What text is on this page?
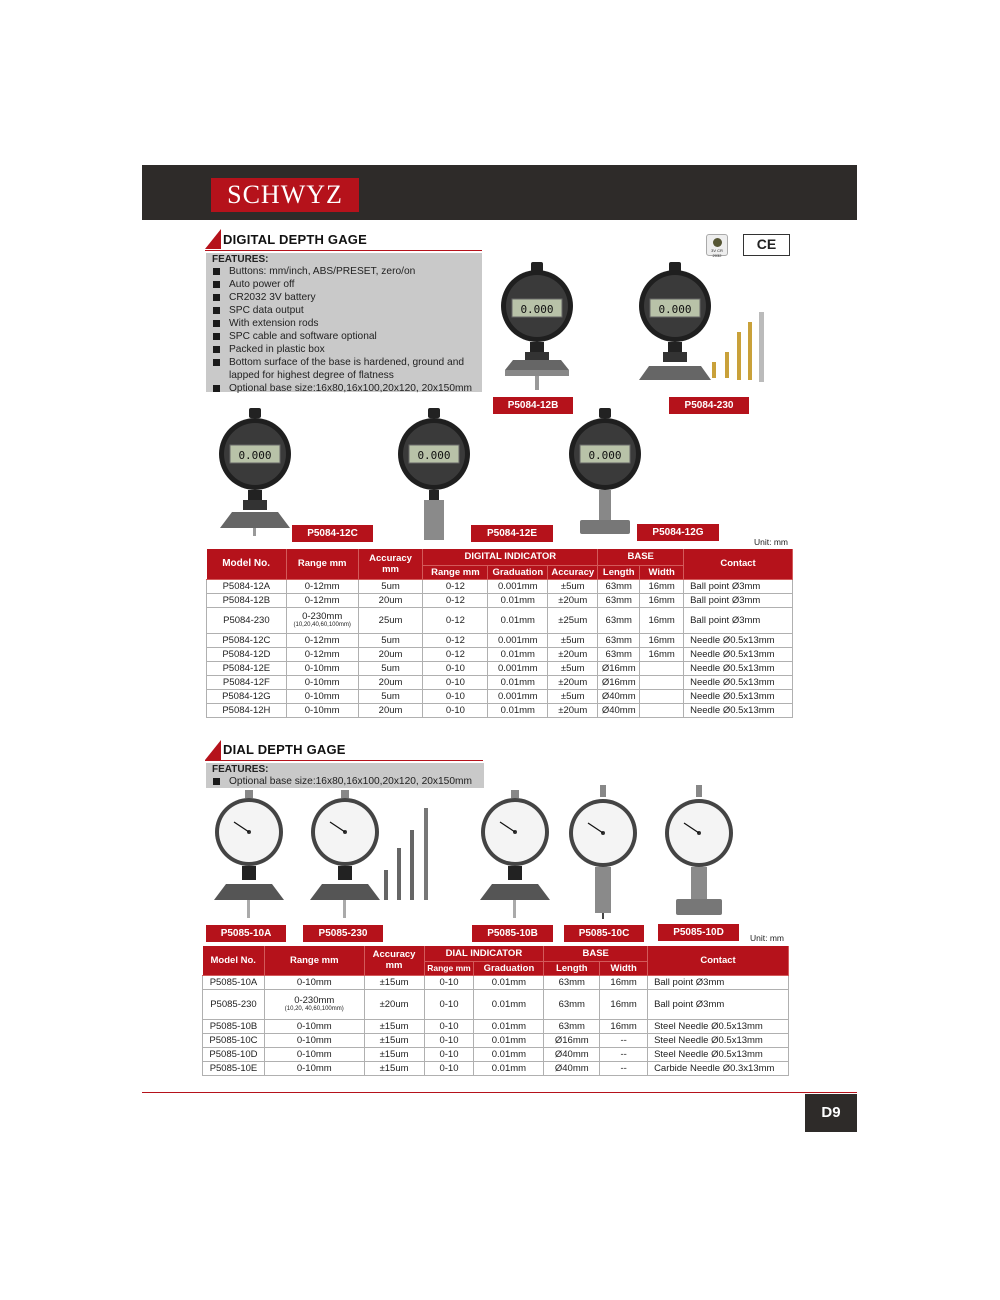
SCHWYZ
DIGITAL DEPTH GAGE
FEATURES:
Buttons: mm/inch, ABS/PRESET, zero/on
Auto power off
CR2032 3V battery
SPC data output
With extension rods
SPC cable and software optional
Packed in plastic box
Bottom surface of the base is hardened, ground and lapped for highest degree of flatness
Optional base size:16x80,16x100,20x120, 20x150mm
3V CR 2032
CE
0.000	0.000
0.000	0.000	0.000
P5084-12B	P5084-230
P5084-12C	P5084-12E	P5084-12G
Unit: mm
Model No.	Range mm	Accuracy mm	DIGITAL INDICATOR			BASE		Contact
			Range mm	Graduation	Accuracy	Length	Width	
P5084-12A	0-12mm	5um	0-12	0.001mm	±5um	63mm	16mm	Ball point Ø3mm
P5084-12B	0-12mm	20um	0-12	0.01mm	±20um	63mm	16mm	Ball point Ø3mm
P5084-230	0-230mm
(10,20,40,60,100mm)	25um	0-12	0.01mm	±25um	63mm	16mm	Ball point Ø3mm
P5084-12C	0-12mm	5um	0-12	0.001mm	±5um	63mm	16mm	Needle Ø0.5x13mm
P5084-12D	0-12mm	20um	0-12	0.01mm	±20um	63mm	16mm	Needle Ø0.5x13mm
P5084-12E	0-10mm	5um	0-10	0.001mm	±5um	Ø16mm		Needle Ø0.5x13mm
P5084-12F	0-10mm	20um	0-10	0.01mm	±20um	Ø16mm		Needle Ø0.5x13mm
P5084-12G	0-10mm	5um	0-10	0.001mm	±5um	Ø40mm		Needle Ø0.5x13mm
P5084-12H	0-10mm	20um	0-10	0.01mm	±20um	Ø40mm		Needle Ø0.5x13mm
DIAL DEPTH GAGE
FEATURES:
Optional base size:16x80,16x100,20x120, 20x150mm
P5085-10A	P5085-230	P5085-10B	P5085-10C	P5085-10D	Unit: mm
Model No.	Range mm	Accuracy mm	DIAL INDICATOR		BASE		Contact
			Range mm	Graduation	Length	Width	
P5085-10A	0-10mm	±15um	0-10	0.01mm	63mm	16mm	Ball point Ø3mm
P5085-230	0-230mm
(10,20, 40,60,100mm)	±20um	0-10	0.01mm	63mm	16mm	Ball point Ø3mm
P5085-10B	0-10mm	±15um	0-10	0.01mm	63mm	16mm	Steel Needle Ø0.5x13mm
P5085-10C	0-10mm	±15um	0-10	0.01mm	Ø16mm	--	Steel Needle Ø0.5x13mm
P5085-10D	0-10mm	±15um	0-10	0.01mm	Ø40mm	--	Steel Needle Ø0.5x13mm
P5085-10E	0-10mm	±15um	0-10	0.01mm	Ø40mm	--	Carbide Needle Ø0.3x13mm
D9
